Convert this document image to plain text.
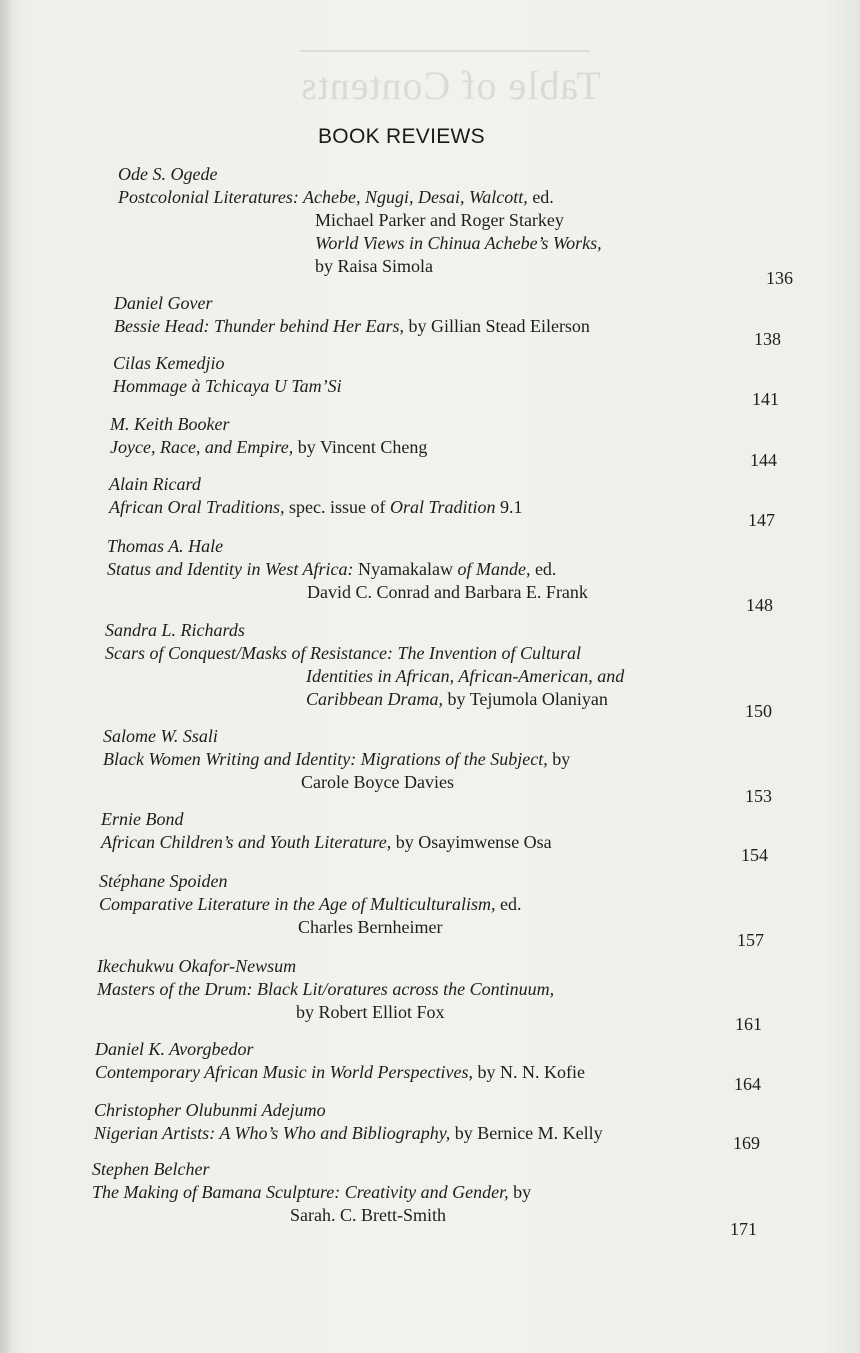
Table of Contents
BOOK REVIEWS
Ode S. Ogede
Postcolonial Literatures: Achebe, Ngugi, Desai, Walcott, ed.
Michael Parker and Roger Starkey
World Views in Chinua Achebe’s Works,
by Raisa Simola
136
Daniel Gover
Bessie Head: Thunder behind Her Ears, by Gillian Stead Eilerson
138
Cilas Kemedjio
Hommage à Tchicaya U Tam’Si
141
M. Keith Booker
Joyce, Race, and Empire, by Vincent Cheng
144
Alain Ricard
African Oral Traditions, spec. issue of Oral Tradition 9.1
147
Thomas A. Hale
Status and Identity in West Africa: Nyamakalaw of Mande, ed.
David C. Conrad and Barbara E. Frank
148
Sandra L. Richards
Scars of Conquest/Masks of Resistance: The Invention of Cultural
Identities in African, African-American, and
Caribbean Drama, by Tejumola Olaniyan
150
Salome W. Ssali
Black Women Writing and Identity: Migrations of the Subject, by
Carole Boyce Davies
153
Ernie Bond
African Children’s and Youth Literature, by Osayimwense Osa
154
Stéphane Spoiden
Comparative Literature in the Age of Multiculturalism, ed.
Charles Bernheimer
157
Ikechukwu Okafor-Newsum
Masters of the Drum: Black Lit/oratures across the Continuum,
by Robert Elliot Fox
161
Daniel K. Avorgbedor
Contemporary African Music in World Perspectives, by N. N. Kofie
164
Christopher Olubunmi Adejumo
Nigerian Artists: A Who’s Who and Bibliography, by Bernice M. Kelly	169
Stephen Belcher
The Making of Bamana Sculpture: Creativity and Gender, by
Sarah. C. Brett-Smith
171
